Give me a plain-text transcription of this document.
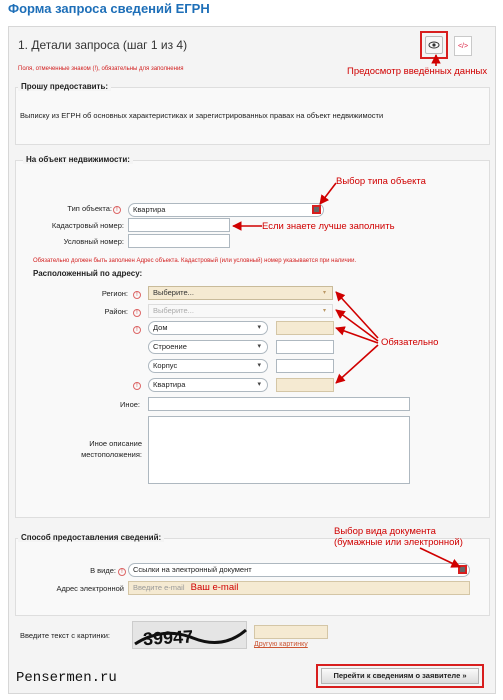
Форма запроса сведений ЕГРН
1. Детали запроса (шаг 1 из 4)	</>
Поля, отмеченные знаком (!), обязательны для заполнения
Прошу предоставить:
Выписку из ЕГРН об основных характеристиках и зарегистрированных правах на объект недвижимости
На объект недвижимости:
Тип объекта: !	Квартира
Кадастровый номер:
Условный номер:
Обязательно должен быть заполнен Адрес объекта. Кадастровый (или условный) номер указывается при наличии.
Расположенный по адресу:
Регион:	!	Выберите...	▾
Район:	!	Выберите...	▾
!	Дом	▾
Строение	▾
Корпус	▾
!	Квартира	▾
Иное:
Иное описание местоположения:
Способ предоставления сведений:
В виде: !	Ссылки на электронный документ
Адрес электронной	Введите e-mail Ваш e-mail
Введите текст с картинки: 39947	Другую картинку
Pensermen.ru	Перейти к сведениям о заявителе »
Предосмотр введённых данных
Выбор типа объекта
Если знаете лучше заполнить
Обязательно
Выбор вида документа
(бумажные или электронной)
